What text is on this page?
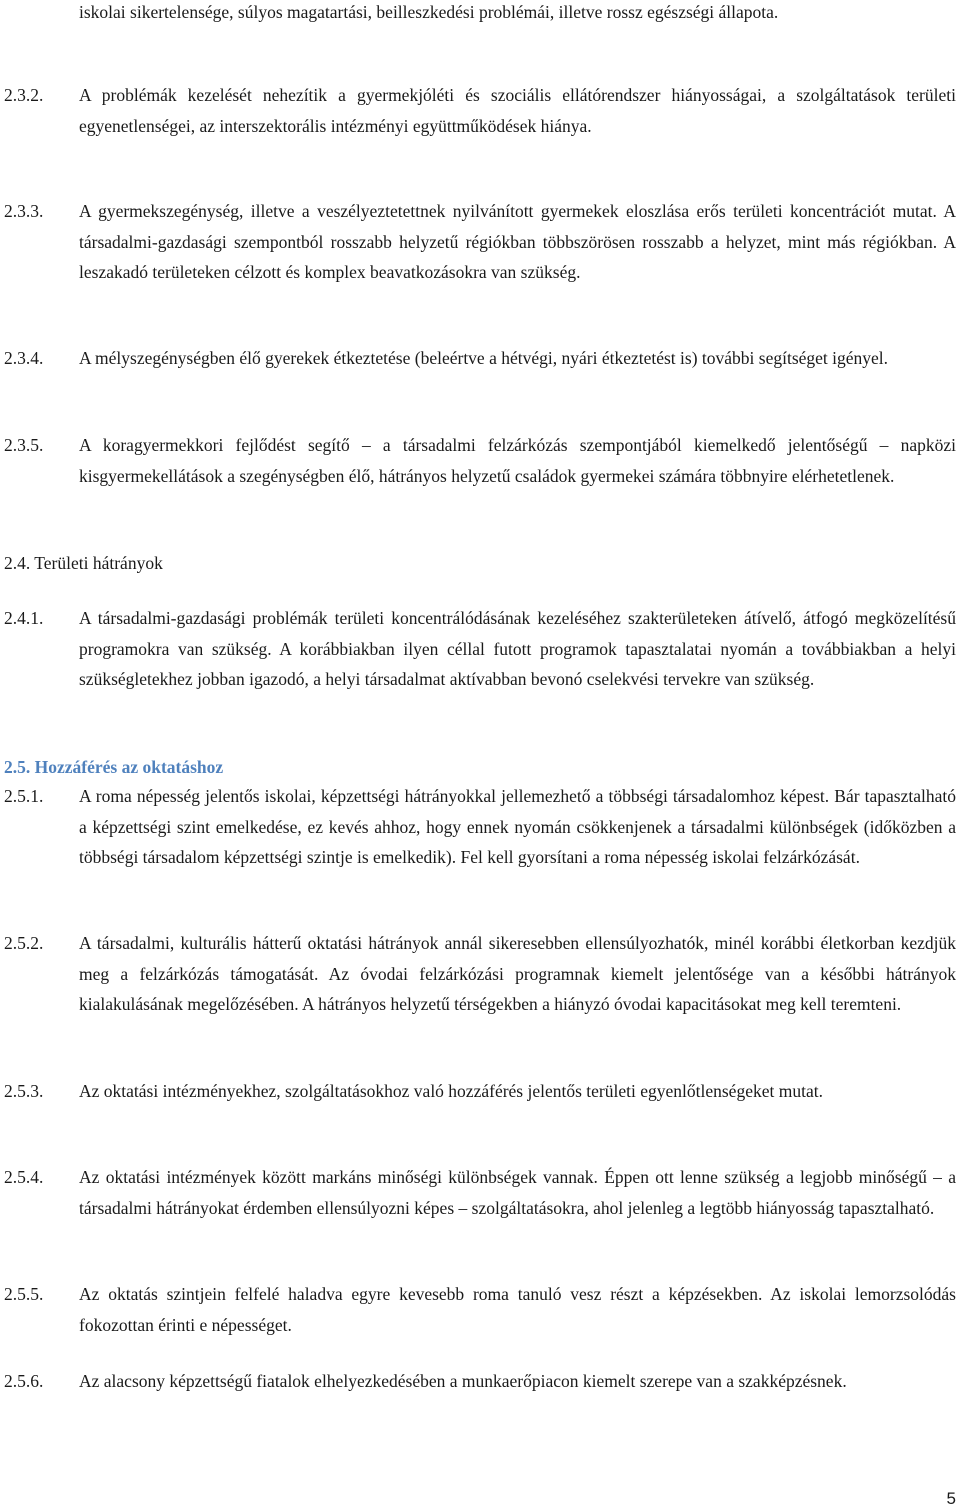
iskolai sikertelensége, súlyos magatartási, beilleszkedési problémái, illetve rossz egészségi állapota.
2.3.2. A problémák kezelését nehezítik a gyermekjóléti és szociális ellátórendszer hiányosságai, a szolgáltatások területi egyenetlenségei, az interszektorális intézményi együttműködések hiánya.
2.3.3. A gyermekszegénység, illetve a veszélyeztetettnek nyilvánított gyermekek eloszlása erős területi koncentrációt mutat. A társadalmi-gazdasági szempontból rosszabb helyzetű régiókban többszörösen rosszabb a helyzet, mint más régiókban. A leszakadó területeken célzott és komplex beavatkozásokra van szükség.
2.3.4. A mélyszegénységben élő gyerekek étkeztetése (beleértve a hétvégi, nyári étkeztetést is) további segítséget igényel.
2.3.5. A koragyermekkori fejlődést segítő – a társadalmi felzárkózás szempontjából kiemelkedő jelentőségű – napközi kisgyermekellátások a szegénységben élő, hátrányos helyzetű családok gyermekei számára többnyire elérhetetlenek.
2.4. Területi hátrányok
2.4.1. A társadalmi-gazdasági problémák területi koncentrálódásának kezeléséhez szakterületeken átívelő, átfogó megközelítésű programokra van szükség. A korábbiakban ilyen céllal futott programok tapasztalatai nyomán a továbbiakban a helyi szükségletekhez jobban igazodó, a helyi társadalmat aktívabban bevonó cselekvési tervekre van szükség.
2.5. Hozzáférés az oktatáshoz
2.5.1. A roma népesség jelentős iskolai, képzettségi hátrányokkal jellemezhető a többségi társadalomhoz képest. Bár tapasztalható a képzettségi szint emelkedése, ez kevés ahhoz, hogy ennek nyomán csökkenjenek a társadalmi különbségek (időközben a többségi társadalom képzettségi szintje is emelkedik). Fel kell gyorsítani a roma népesség iskolai felzárkózását.
2.5.2. A társadalmi, kulturális hátterű oktatási hátrányok annál sikeresebben ellensúlyozhatók, minél korábbi életkorban kezdjük meg a felzárkózás támogatását. Az óvodai felzárkózási programnak kiemelt jelentősége van a későbbi hátrányok kialakulásának megelőzésében. A hátrányos helyzetű térségekben a hiányzó óvodai kapacitásokat meg kell teremteni.
2.5.3. Az oktatási intézményekhez, szolgáltatásokhoz való hozzáférés jelentős területi egyenlőtlenségeket mutat.
2.5.4. Az oktatási intézmények között markáns minőségi különbségek vannak. Éppen ott lenne szükség a legjobb minőségű – a társadalmi hátrányokat érdemben ellensúlyozni képes – szolgáltatásokra, ahol jelenleg a legtöbb hiányosság tapasztalható.
2.5.5. Az oktatás szintjein felfelé haladva egyre kevesebb roma tanuló vesz részt a képzésekben. Az iskolai lemorzsolódás fokozottan érinti e népességet.
2.5.6. Az alacsony képzettségű fiatalok elhelyezkedésében a munkaerőpiacon kiemelt szerepe van a szakképzésnek.
5
